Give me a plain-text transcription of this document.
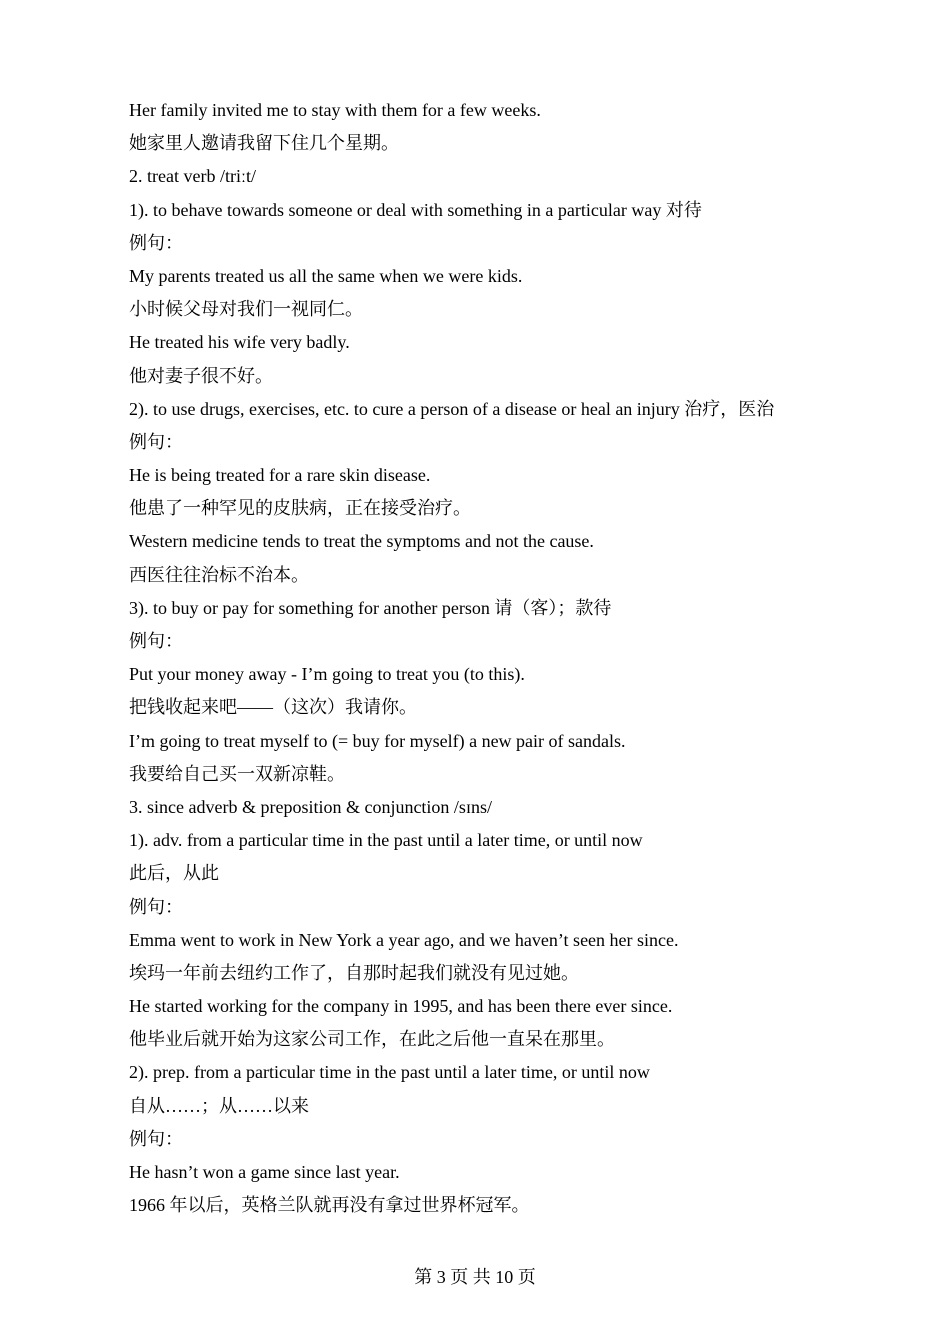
Her family invited me to stay with them for a few weeks.
她家里人邀请我留下住几个星期。
2. treat verb /triːt/
1). to behave towards someone or deal with something in a particular way 对待
例句：
My parents treated us all the same when we were kids.
小时候父母对我们一视同仁。
He treated his wife very badly.
他对妻子很不好。
2). to use drugs, exercises, etc. to cure a person of a disease or heal an injury 治疗，医治
例句：
He is being treated for a rare skin disease.
他患了一种罕见的皮肤病，正在接受治疗。
Western medicine tends to treat the symptoms and not the cause.
西医往往治标不治本。
3). to buy or pay for something for another person 请（客）；款待
例句：
Put your money away - I’m going to treat you (to this).
把钱收起来吧——（这次）我请你。
I’m going to treat myself to (= buy for myself) a new pair of sandals.
我要给自己买一双新凉鞋。
3. since adverb & preposition & conjunction /sɪns/
1). adv. from a particular time in the past until a later time, or until now
此后，从此
例句：
Emma went to work in New York a year ago, and we haven’t seen her since.
埃玛一年前去纽约工作了，自那时起我们就没有见过她。
He started working for the company in 1995, and has been there ever since.
他毕业后就开始为这家公司工作，在此之后他一直呆在那里。
2). prep. from a particular time in the past until a later time, or until now
自从……；从……以来
例句：
He hasn’t won a game since last year.
1966 年以后，英格兰队就再没有拿过世界杯冠军。
第 3 页 共 10 页
